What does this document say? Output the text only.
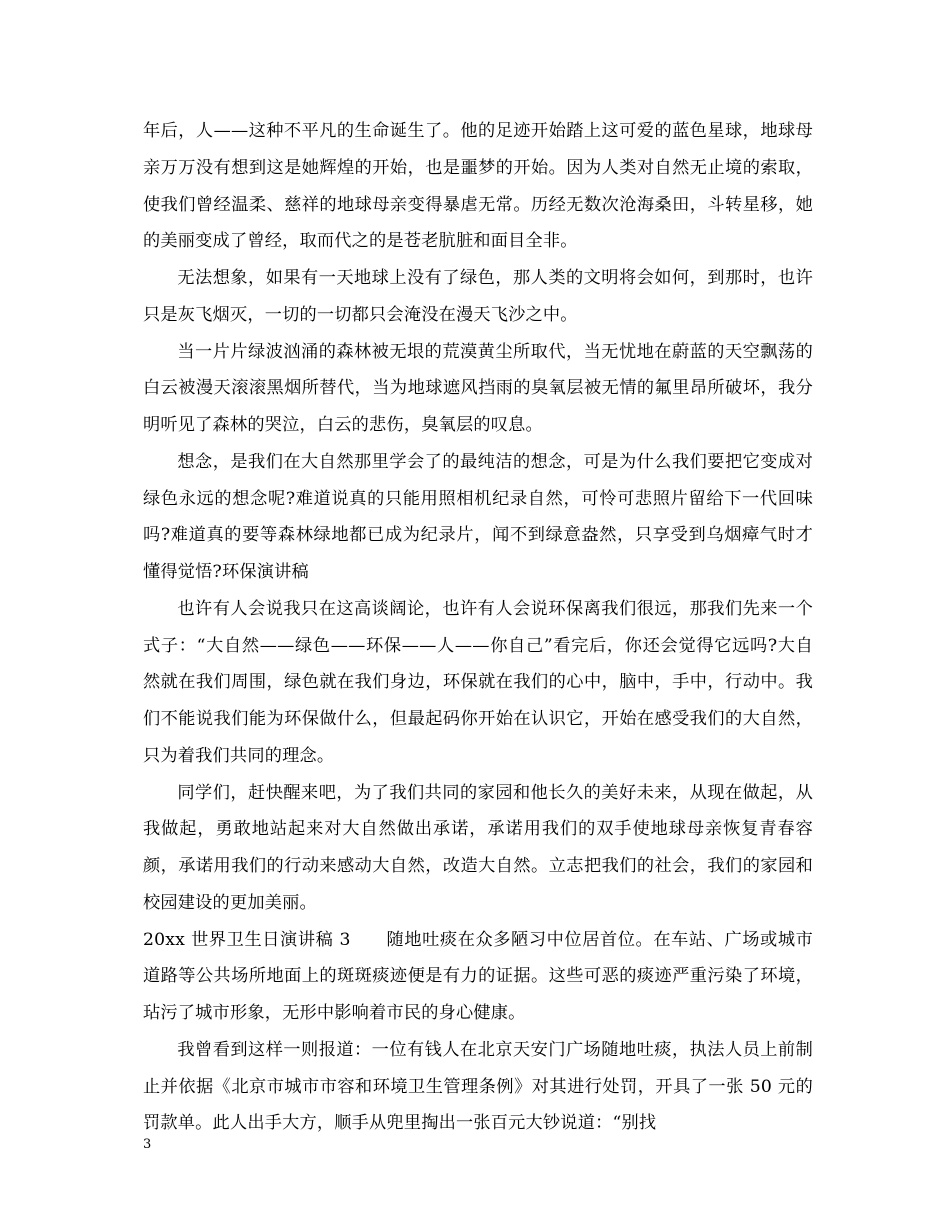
年后，人——这种不平凡的生命诞生了。他的足迹开始踏上这可爱的蓝色星球，地球母亲万万没有想到这是她辉煌的开始，也是噩梦的开始。因为人类对自然无止境的索取，使我们曾经温柔、慈祥的地球母亲变得暴虐无常。历经无数次沧海桑田，斗转星移，她的美丽变成了曾经，取而代之的是苍老肮脏和面目全非。

无法想象，如果有一天地球上没有了绿色，那人类的文明将会如何，到那时，也许只是灰飞烟灭，一切的一切都只会淹没在漫天飞沙之中。

当一片片绿波汹涌的森林被无垠的荒漠黄尘所取代，当无忧地在蔚蓝的天空飘荡的白云被漫天滚滚黑烟所替代，当为地球遮风挡雨的臭氧层被无情的氟里昂所破坏，我分明听见了森林的哭泣，白云的悲伤，臭氧层的叹息。

想念，是我们在大自然那里学会了的最纯洁的想念，可是为什么我们要把它变成对绿色永远的想念呢?难道说真的只能用照相机纪录自然，可怜可悲照片留给下一代回味吗?难道真的要等森林绿地都已成为纪录片，闻不到绿意盎然，只享受到乌烟瘴气时才懂得觉悟?环保演讲稿

也许有人会说我只在这高谈阔论，也许有人会说环保离我们很远，那我们先来一个式子：“大自然——绿色——环保——人——你自己”看完后，你还会觉得它远吗?大自然就在我们周围，绿色就在我们身边，环保就在我们的心中，脑中，手中，行动中。我们不能说我们能为环保做什么，但最起码你开始在认识它，开始在感受我们的大自然，只为着我们共同的理念。

同学们，赶快醒来吧，为了我们共同的家园和他长久的美好未来，从现在做起，从我做起，勇敢地站起来对大自然做出承诺，承诺用我们的双手使地球母亲恢复青春容颜，承诺用我们的行动来感动大自然，改造大自然。立志把我们的社会，我们的家园和校园建设的更加美丽。

20xx 世界卫生日演讲稿 3　　随地吐痰在众多陋习中位居首位。在车站、广场或城市道路等公共场所地面上的斑斑痰迹便是有力的证据。这些可恶的痰迹严重污染了环境，玷污了城市形象，无形中影响着市民的身心健康。

我曾看到这样一则报道：一位有钱人在北京天安门广场随地吐痰，执法人员上前制止并依据《北京市城市市容和环境卫生管理条例》对其进行处罚，开具了一张 50 元的罚款单。此人出手大方，顺手从兜里掏出一张百元大钞说道：“别找

3
